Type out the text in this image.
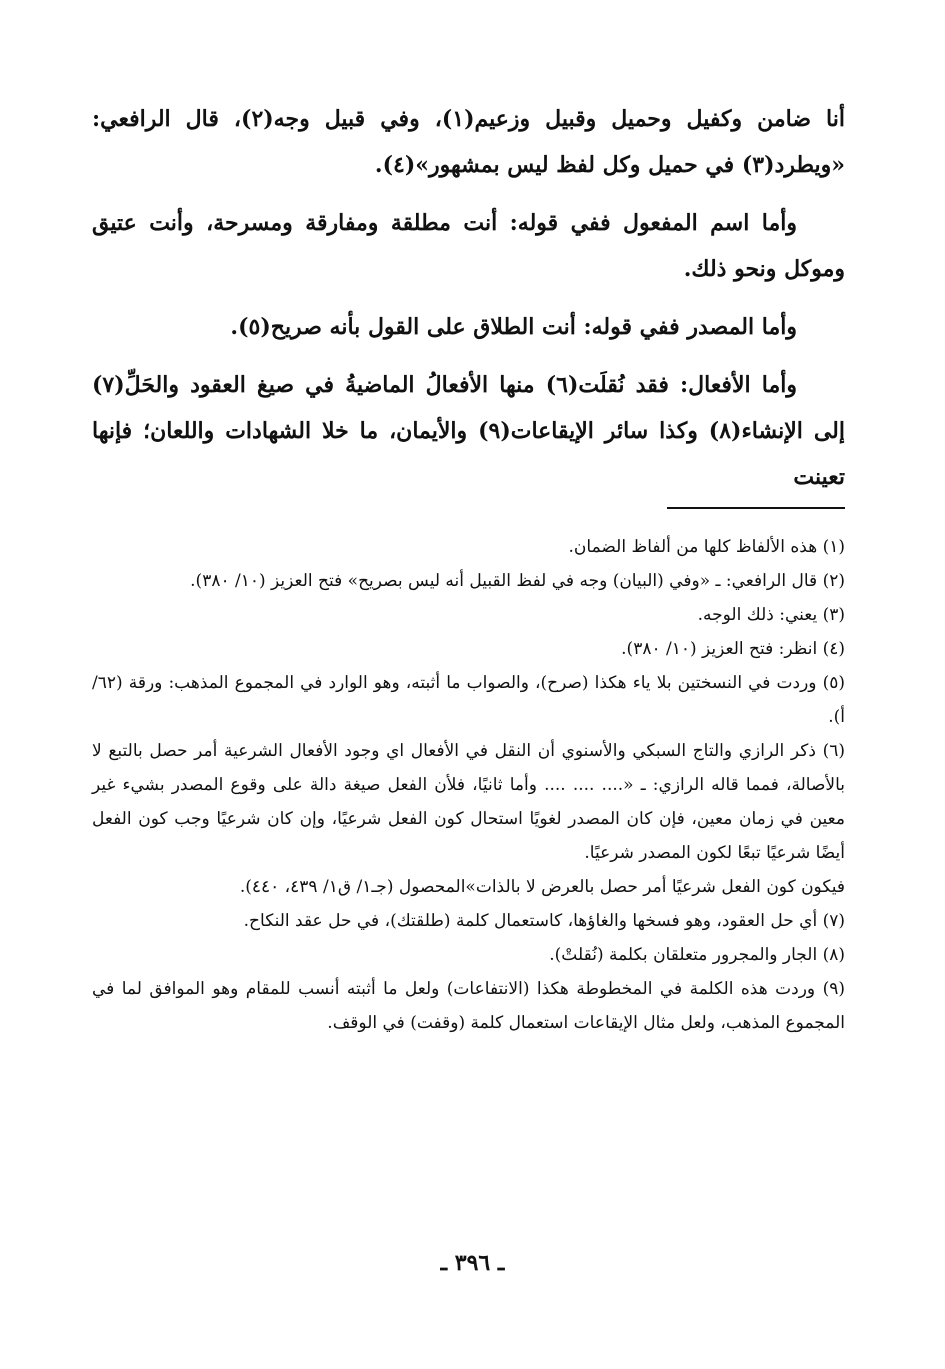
أنا ضامن وكفيل وحميل وقبيل وزعيم(١)، وفي قبيل وجه(٢)، قال الرافعي: «ويطرد(٣) في حميل وكل لفظ ليس بمشهور»(٤).

وأما اسم المفعول ففي قوله: أنت مطلقة ومفارقة ومسرحة، وأنت عتيق وموكل ونحو ذلك.

وأما المصدر ففي قوله: أنت الطلاق على القول بأنه صريح(٥).

وأما الأفعال: فقد نُقلَت(٦) منها الأفعالُ الماضيةُ في صيغ العقود والحَلِّ(٧) إلى الإنشاء(٨) وكذا سائر الإيقاعات(٩) والأيمان، ما خلا الشهادات واللعان؛ فإنها تعينت

(١) هذه الألفاظ كلها من ألفاظ الضمان.

(٢) قال الرافعي: ـ «وفي (البيان) وجه في لفظ القبيل أنه ليس بصريح» فتح العزيز (١٠/ ٣٨٠).

(٣) يعني: ذلك الوجه.

(٤) انظر: فتح العزيز (١٠/ ٣٨٠).

(٥) وردت في النسختين بلا ياء هكذا (صرح)، والصواب ما أثبته، وهو الوارد في المجموع المذهب: ورقة (٦٢/ أ).

(٦) ذكر الرازي والتاج السبكي والأسنوي أن النقل في الأفعال اي وجود الأفعال الشرعية أمر حصل بالتبع لا بالأصالة، فمما قاله الرازي: ـ «.... .... .... وأما ثانيًا، فلأن الفعل صيغة دالة على وقوع المصدر بشيء غير معين في زمان معين، فإن كان المصدر لغويًا استحال كون الفعل شرعيًا، وإن كان شرعيًا وجب كون الفعل أيضًا شرعيًا تبعًا لكون المصدر شرعيًا.

فيكون كون الفعل شرعيًا أمر حصل بالعرض لا بالذات»المحصول (جـ١/ ق١/ ٤٣٩، ٤٤٠).

(٧) أي حل العقود، وهو فسخها والغاؤها، كاستعمال كلمة (طلقتك)، في حل عقد النكاح.

(٨) الجار والمجرور متعلقان بكلمة (نُقلتْ).

(٩) وردت هذه الكلمة في المخطوطة هكذا (الانتفاعات) ولعل ما أثبته أنسب للمقام وهو الموافق لما في المجموع المذهب، ولعل مثال الإيقاعات استعمال كلمة (وقفت) في الوقف.

ـ ٣٩٦ ـ
